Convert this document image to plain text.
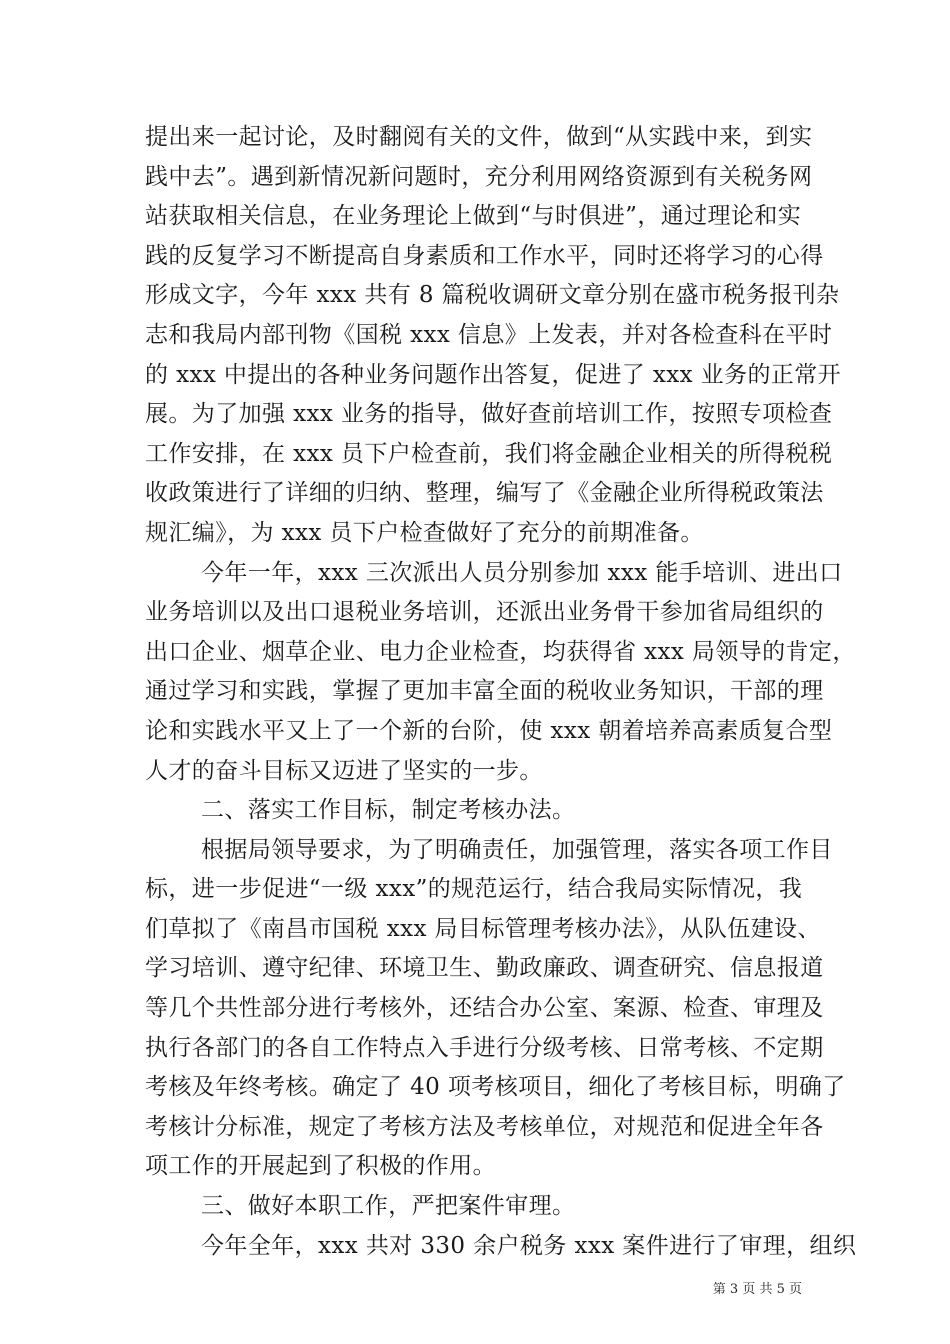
提出来一起讨论，及时翻阅有关的文件，做到“从实践中来，到实
践中去”。遇到新情况新问题时，充分利用网络资源到有关税务网
站获取相关信息，在业务理论上做到“与时俱进”，通过理论和实
践的反复学习不断提高自身素质和工作水平，同时还将学习的心得
形成文字，今年 xxx 共有 8 篇税收调研文章分别在盛市税务报刊杂
志和我局内部刊物《国税 xxx 信息》上发表，并对各检查科在平时
的 xxx 中提出的各种业务问题作出答复，促进了 xxx 业务的正常开
展。为了加强 xxx 业务的指导，做好查前培训工作，按照专项检查
工作安排，在 xxx 员下户检查前，我们将金融企业相关的所得税税
收政策进行了详细的归纳、整理，编写了《金融企业所得税政策法
规汇编》，为 xxx 员下户检查做好了充分的前期准备。
今年一年，xxx 三次派出人员分别参加 xxx 能手培训、进出口
业务培训以及出口退税业务培训，还派出业务骨干参加省局组织的
出口企业、烟草企业、电力企业检查，均获得省 xxx 局领导的肯定，
通过学习和实践，掌握了更加丰富全面的税收业务知识，干部的理
论和实践水平又上了一个新的台阶，使 xxx 朝着培养高素质复合型
人才的奋斗目标又迈进了坚实的一步。
二、落实工作目标，制定考核办法。
根据局领导要求，为了明确责任，加强管理，落实各项工作目
标，进一步促进“一级 xxx”的规范运行，结合我局实际情况，我
们草拟了《南昌市国税 xxx 局目标管理考核办法》，从队伍建设、
学习培训、遵守纪律、环境卫生、勤政廉政、调查研究、信息报道
等几个共性部分进行考核外，还结合办公室、案源、检查、审理及
执行各部门的各自工作特点入手进行分级考核、日常考核、不定期
考核及年终考核。确定了 40 项考核项目，细化了考核目标，明确了
考核计分标准，规定了考核方法及考核单位，对规范和促进全年各
项工作的开展起到了积极的作用。
三、做好本职工作，严把案件审理。
今年全年，xxx 共对 330 余户税务 xxx 案件进行了审理，组织
第 3 页 共 5 页
